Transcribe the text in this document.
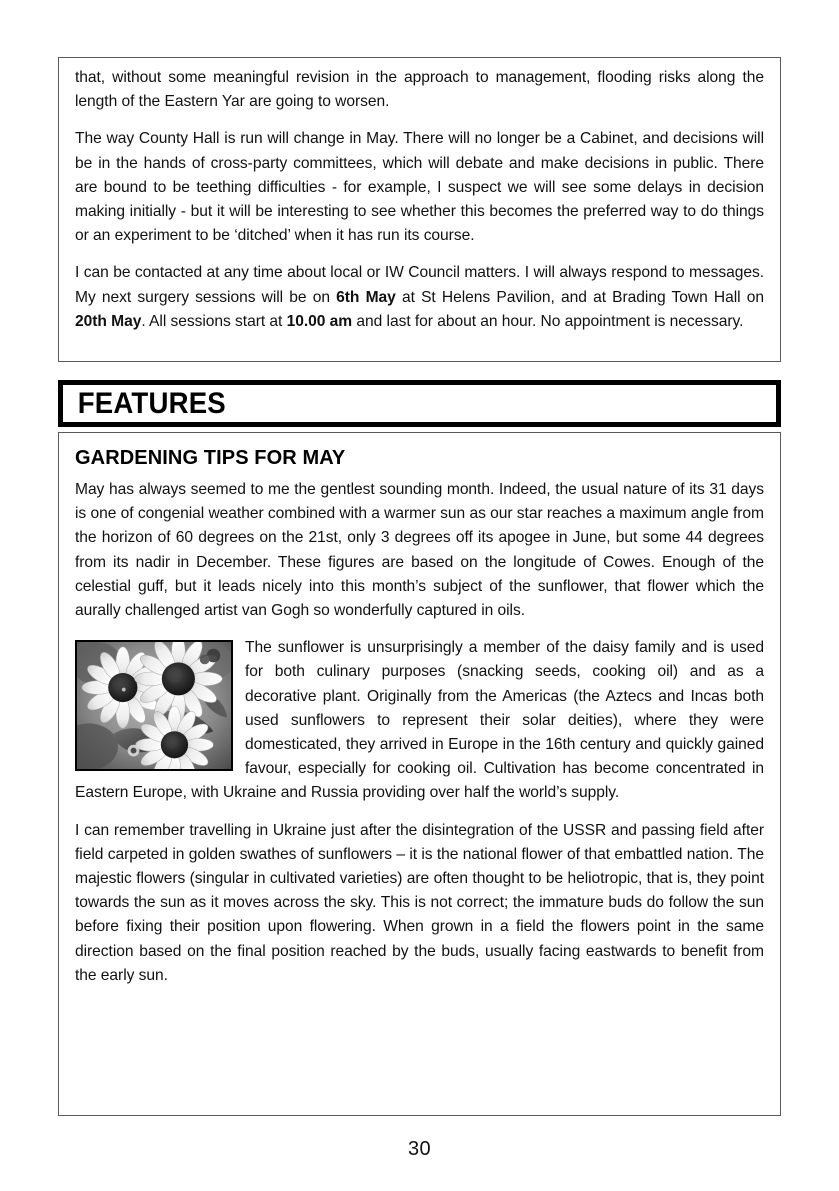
that, without some meaningful revision in the approach to management, flooding risks along the length of the Eastern Yar are going to worsen.

The way County Hall is run will change in May. There will no longer be a Cabinet, and decisions will be in the hands of cross-party committees, which will debate and make decisions in public. There are bound to be teething difficulties - for example, I suspect we will see some delays in decision making initially - but it will be interesting to see whether this becomes the preferred way to do things or an experiment to be ‘ditched’ when it has run its course.

I can be contacted at any time about local or IW Council matters. I will always respond to messages. My next surgery sessions will be on 6th May at St Helens Pavilion, and at Brading Town Hall on 20th May. All sessions start at 10.00 am and last for about an hour. No appointment is necessary.

FEATURES
GARDENING TIPS FOR MAY

May has always seemed to me the gentlest sounding month. Indeed, the usual nature of its 31 days is one of congenial weather combined with a warmer sun as our star reaches a maximum angle from the horizon of 60 degrees on the 21st, only 3 degrees off its apogee in June, but some 44 degrees from its nadir in December. These figures are based on the longitude of Cowes. Enough of the celestial guff, but it leads nicely into this month’s subject of the sunflower, that flower which the aurally challenged artist van Gogh so wonderfully captured in oils.

The sunflower is unsurprisingly a member of the daisy family and is used for both culinary purposes (snacking seeds, cooking oil) and as a decorative plant. Originally from the Americas (the Aztecs and Incas both used sunflowers to represent their solar deities), where they were domesticated, they arrived in Europe in the 16th century and quickly gained favour, especially for cooking oil. Cultivation has become concentrated in Eastern Europe, with Ukraine and Russia providing over half the world’s supply.

I can remember travelling in Ukraine just after the disintegration of the USSR and passing field after field carpeted in golden swathes of sunflowers – it is the national flower of that embattled nation. The majestic flowers (singular in cultivated varieties) are often thought to be heliotropic, that is, they point towards the sun as it moves across the sky. This is not correct; the immature buds do follow the sun before fixing their position upon flowering. When grown in a field the flowers point in the same direction based on the final position reached by the buds, usually facing eastwards to benefit from the early sun.

30
